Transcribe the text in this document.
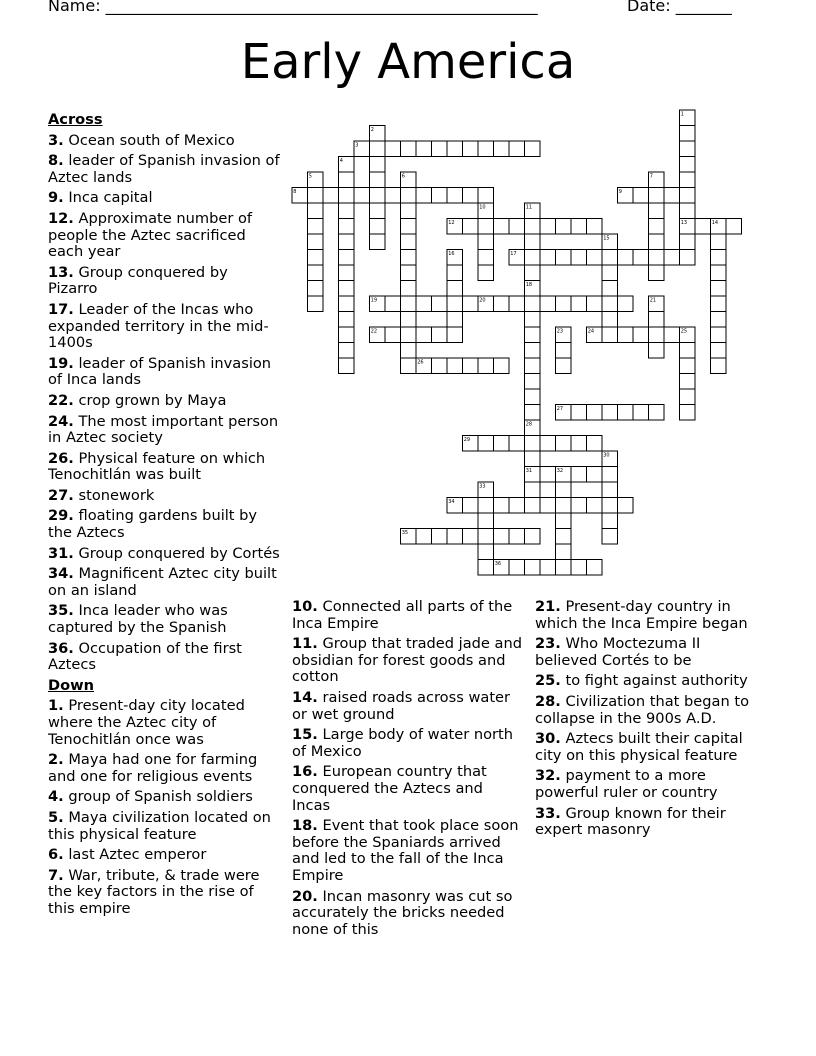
Name: ______________________________________________________	Date: _______
Early America
1
2
3
4
5	6	7
8	9
10	11
12	13	14
15
16	17
18
19	20	21
22	23	24	25
26
27
28
29
30
31	32
33
34
35
36
Across
3. Ocean south of Mexico
8. leader of Spanish invasion of Aztec lands
9. Inca capital
12. Approximate number of people the Aztec sacrificed each year
13. Group conquered by Pizarro
17. Leader of the Incas who expanded territory in the mid-1400s
19. leader of Spanish invasion of Inca lands
22. crop grown by Maya
24. The most important person in Aztec society
26. Physical feature on which Tenochitlán was built
27. stonework
29. floating gardens built by the Aztecs
31. Group conquered by Cortés
34. Magnificent Aztec city built on an island
35. Inca leader who was captured by the Spanish
36. Occupation of the first Aztecs
Down
1. Present-day city located where the Aztec city of Tenochitlán once was
2. Maya had one for farming and one for religious events
4. group of Spanish soldiers
5. Maya civilization located on this physical feature
6. last Aztec emperor
7. War, tribute, & trade were the key factors in the rise of this empire
10. Connected all parts of the Inca Empire
11. Group that traded jade and obsidian for forest goods and cotton
14. raised roads across water or wet ground
15. Large body of water north of Mexico
16. European country that conquered the Aztecs and Incas
18. Event that took place soon before the Spaniards arrived and led to the fall of the Inca Empire
20. Incan masonry was cut so accurately the bricks needed none of this
21. Present-day country in which the Inca Empire began
23. Who Moctezuma II believed Cortés to be
25. to fight against authority
28. Civilization that began to collapse in the 900s A.D.
30. Aztecs built their capital city on this physical feature
32. payment to a more powerful ruler or country
33. Group known for their expert masonry
